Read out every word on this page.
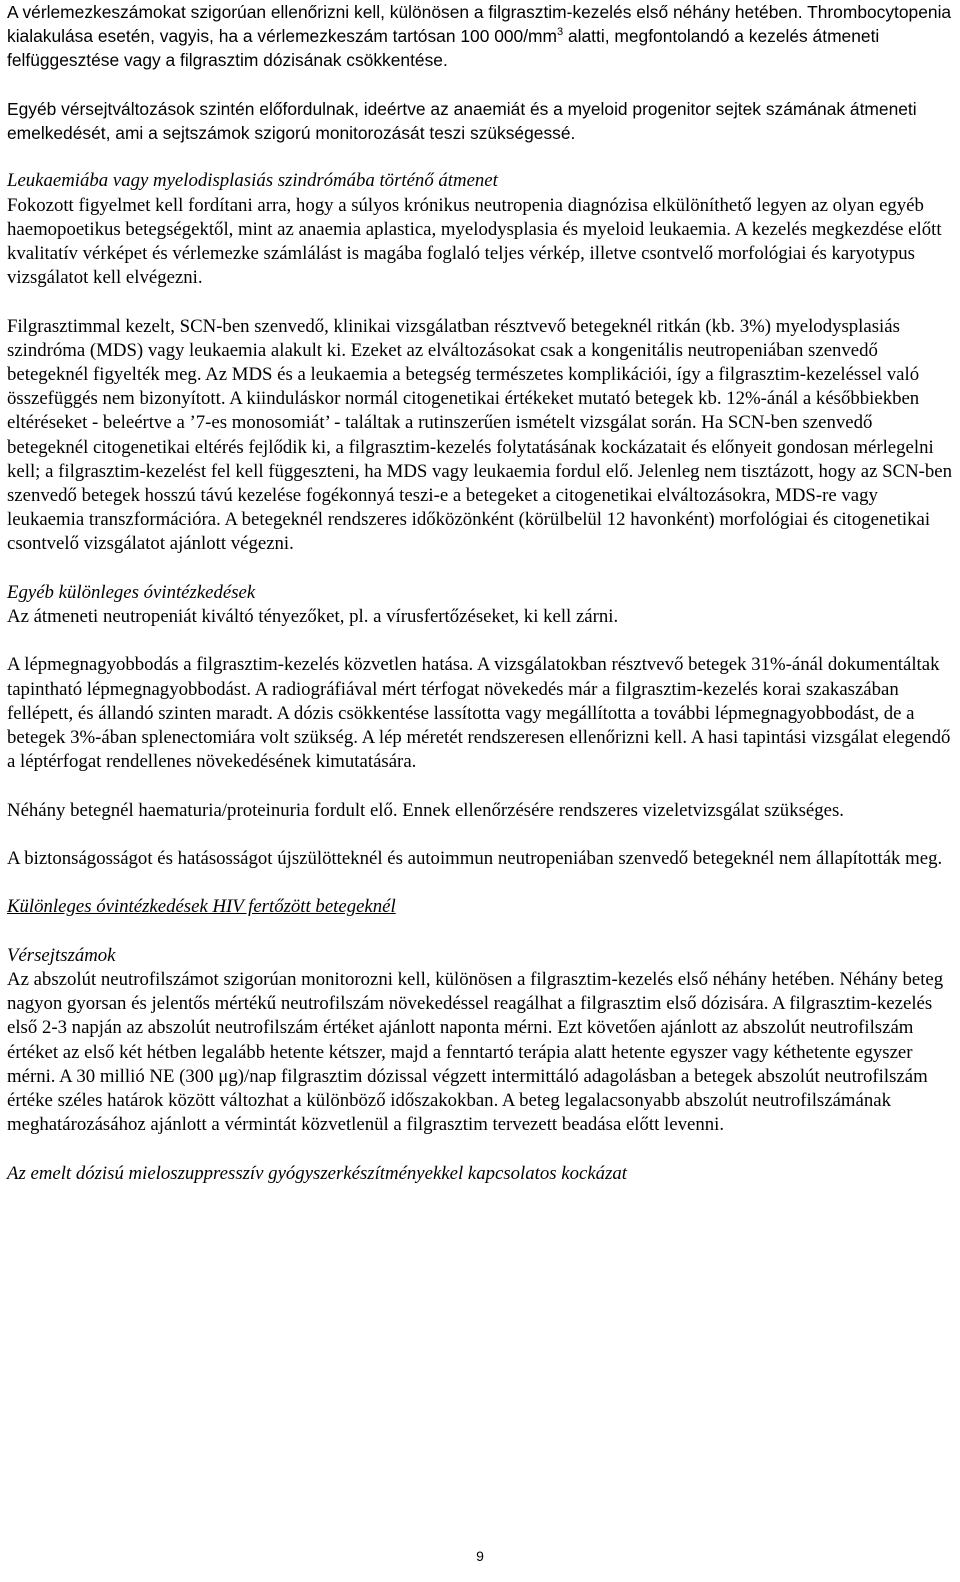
A vérlemezkeszámokat szigorúan ellenőrizni kell, különösen a filgrasztim-kezelés első néhány hetében. Thrombocytopenia kialakulása esetén, vagyis, ha a vérlemezkeszám tartósan 100 $000/mm^3$ alatti, megfontolandó a kezelés átmeneti felfüggesztése vagy a filgrasztim dózisának csökkentése.

Egyéb vérsejtváltozások szintén előfordulnak, ideértve az anaemiát és a myeloid progenitor sejtek számának átmeneti emelkedését, ami a sejtszámok szigorú monitorozását teszi szükségessé.

Leukaemiába vagy myelodisplasiás szindrómába történő átmenet

Fokozott figyelmet kell fordítani arra, hogy a súlyos krónikus neutropenia diagnózisa elkülöníthető legyen az olyan egyéb haemopoetikus betegségektől, mint az anaemia aplastica, myelodysplasia és myeloid leukaemia. A kezelés megkezdése előtt kvalitatív vérképet és vérlemezke számlálást is magába foglaló teljes vérkép, illetve csontvelő morfológiai és karyotypus vizsgálatot kell elvégezni.

Filgrasztimmal kezelt, SCN-ben szenvedő, klinikai vizsgálatban résztvevő betegeknél ritkán (kb. 3%) myelodysplasiás szindróma (MDS) vagy leukaemia alakult ki. Ezeket az elváltozásokat csak a kongenitális neutropeniában szenvedő betegeknél figyelték meg. Az MDS és a leukaemia a betegség természetes komplikációi, így a filgrasztim-kezeléssel való összefüggés nem bizonyított. A kiinduláskor normál citogenetikai értékeket mutató betegek kb. 12%-ánál a későbbiekben eltéréseket - beleértve a ’7-es monosomiát’ - találtak a rutinszerűen ismételt vizsgálat során. Ha SCN-ben szenvedő betegeknél citogenetikai eltérés fejlődik ki, a filgrasztim-kezelés folytatásának kockázatait és előnyeit gondosan mérlegelni kell; a filgrasztim-kezelést fel kell függeszteni, ha MDS vagy leukaemia fordul elő. Jelenleg nem tisztázott, hogy az SCN-ben szenvedő betegek hosszú távú kezelése fogékonnyá teszi-e a betegeket a citogenetikai elváltozásokra, MDS-re vagy leukaemia transzformációra. A betegeknél rendszeres időközönként (körülbelül 12 havonként) morfológiai és citogenetikai csontvelő vizsgálatot ajánlott végezni.

Egyéb különleges óvintézkedések

Az átmeneti neutropeniát kiváltó tényezőket, pl. a vírusfertőzéseket, ki kell zárni.

A lépmegnagyobbodás a filgrasztim-kezelés közvetlen hatása. A vizsgálatokban résztvevő betegek 31%-ánál dokumentáltak tapintható lépmegnagyobbodást. A radiográfiával mért térfogat növekedés már a filgrasztim-kezelés korai szakaszában fellépett, és állandó szinten maradt. A dózis csökkentése lassította vagy megállította a további lépmegnagyobbodást, de a betegek 3%-ában splenectomiára volt szükség. A lép méretét rendszeresen ellenőrizni kell. A hasi tapintási vizsgálat elegendő a léptérfogat rendellenes növekedésének kimutatására.

Néhány betegnél haematuria/proteinuria fordult elő. Ennek ellenőrzésére rendszeres vizeletvizsgálat szükséges.

A biztonságosságot és hatásosságot újszülötteknél és autoimmun neutropeniában szenvedő betegeknél nem állapították meg.

Különleges óvintézkedések HIV fertőzött betegeknél

Vérsejtszámok

Az abszolút neutrofilszámot szigorúan monitorozni kell, különösen a filgrasztim-kezelés első néhány hetében. Néhány beteg nagyon gyorsan és jelentős mértékű neutrofilszám növekedéssel reagálhat a filgrasztim első dózisára. A filgrasztim-kezelés első 2-3 napján az abszolút neutrofilszám értéket ajánlott naponta mérni. Ezt követően ajánlott az abszolút neutrofilszám értéket az első két hétben legalább hetente kétszer, majd a fenntartó terápia alatt hetente egyszer vagy kéthetente egyszer mérni. A 30 millió NE (300 μg)/nap filgrasztim dózissal végzett intermittáló adagolásban a betegek abszolút neutrofilszám értéke széles határok között változhat a különböző időszakokban. A beteg legalacsonyabb abszolút neutrofilszámának meghatározásához ajánlott a vérmintát közvetlenül a filgrasztim tervezett beadása előtt levenni.

Az emelt dózisú mieloszuppresszív gyógyszerkészítményekkel kapcsolatos kockázat

9
